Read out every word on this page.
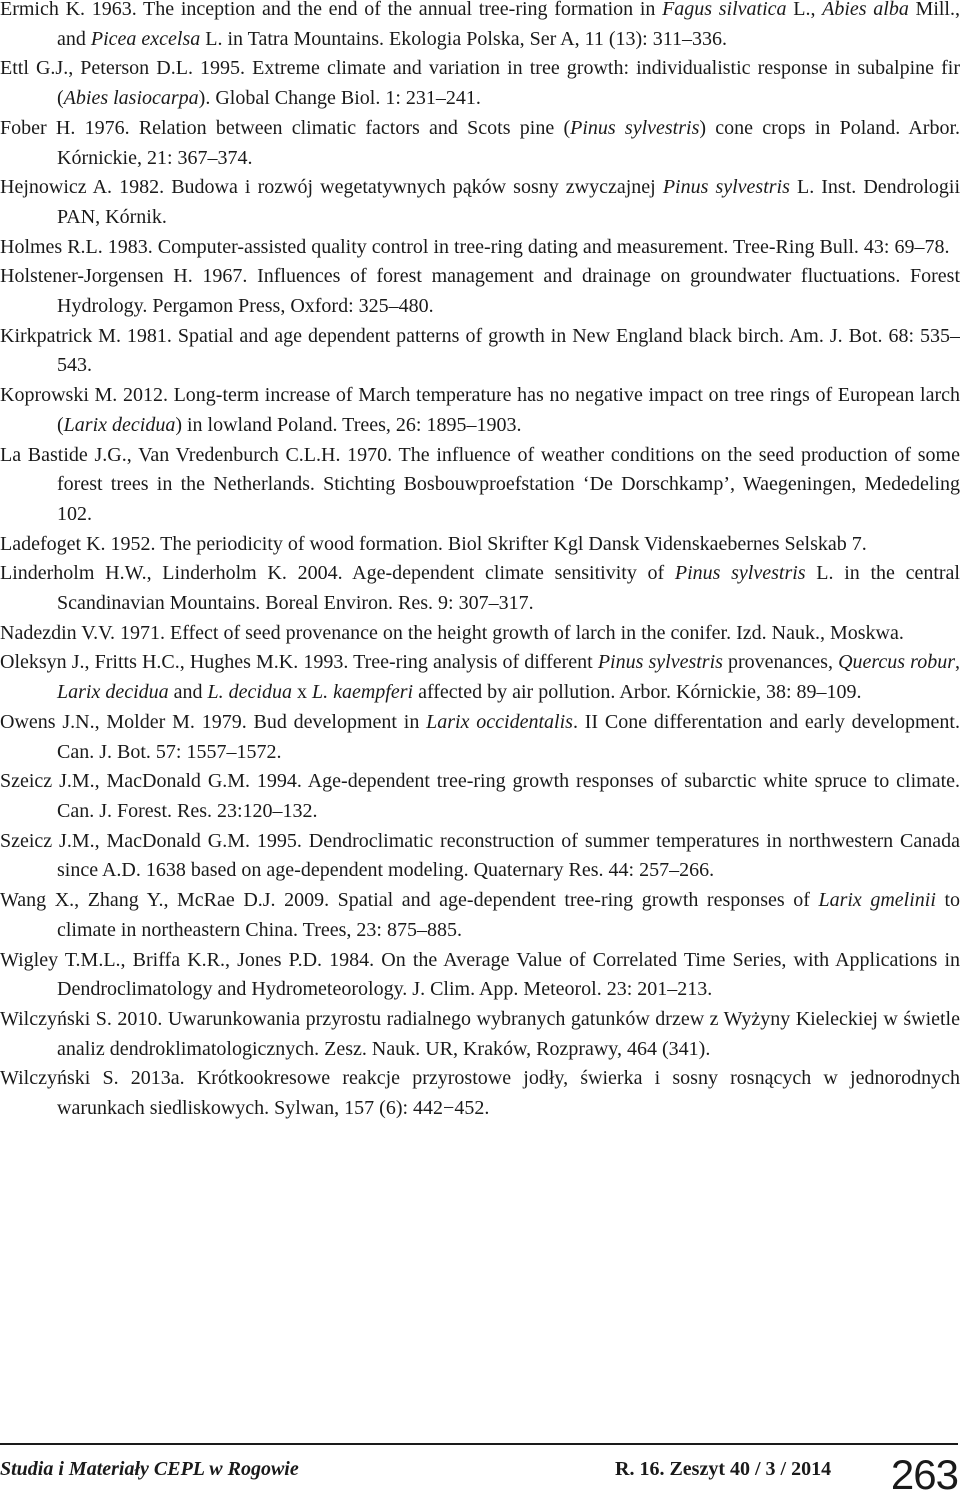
Ermich K. 1963. The inception and the end of the annual tree-ring formation in Fagus silvatica L., Abies alba Mill., and Picea excelsa L. in Tatra Mountains. Ekologia Polska, Ser A, 11 (13): 311–336.
Ettl G.J., Peterson D.L. 1995. Extreme climate and variation in tree growth: individualistic response in subalpine fir (Abies lasiocarpa). Global Change Biol. 1: 231–241.
Fober H. 1976. Relation between climatic factors and Scots pine (Pinus sylvestris) cone crops in Poland. Arbor. Kórnickie, 21: 367–374.
Hejnowicz A. 1982. Budowa i rozwój wegetatywnych pąków sosny zwyczajnej Pinus sylvestris L. Inst. Dendrologii PAN, Kórnik.
Holmes R.L. 1983. Computer-assisted quality control in tree-ring dating and measurement. Tree-Ring Bull. 43: 69–78.
Holstener-Jorgensen H. 1967. Influences of forest management and drainage on groundwater fluctuations. Forest Hydrology. Pergamon Press, Oxford: 325–480.
Kirkpatrick M. 1981. Spatial and age dependent patterns of growth in New England black birch. Am. J. Bot. 68: 535–543.
Koprowski M. 2012. Long-term increase of March temperature has no negative impact on tree rings of European larch (Larix decidua) in lowland Poland. Trees, 26: 1895–1903.
La Bastide J.G., Van Vredenburch C.L.H. 1970. The influence of weather conditions on the seed production of some forest trees in the Netherlands. Stichting Bosbouwproefstation ‘De Dorschkamp’, Waegeningen, Mededeling 102.
Ladefoget K. 1952. The periodicity of wood formation. Biol Skrifter Kgl Dansk Videnskaebernes Selskab 7.
Linderholm H.W., Linderholm K. 2004. Age-dependent climate sensitivity of Pinus sylvestris L. in the central Scandinavian Mountains. Boreal Environ. Res. 9: 307–317.
Nadezdin V.V. 1971. Effect of seed provenance on the height growth of larch in the conifer. Izd. Nauk., Moskwa.
Oleksyn J., Fritts H.C., Hughes M.K. 1993. Tree-ring analysis of different Pinus sylvestris provenances, Quercus robur, Larix decidua and L. decidua x L. kaempferi affected by air pollution. Arbor. Kórnickie, 38: 89–109.
Owens J.N., Molder M. 1979. Bud development in Larix occidentalis. II Cone differentation and early development. Can. J. Bot. 57: 1557–1572.
Szeicz J.M., MacDonald G.M. 1994. Age-dependent tree-ring growth responses of subarctic white spruce to climate. Can. J. Forest. Res. 23:120–132.
Szeicz J.M., MacDonald G.M. 1995. Dendroclimatic reconstruction of summer temperatures in northwestern Canada since A.D. 1638 based on age-dependent modeling. Quaternary Res. 44: 257–266.
Wang X., Zhang Y., McRae D.J. 2009. Spatial and age-dependent tree-ring growth responses of Larix gmelinii to climate in northeastern China. Trees, 23: 875–885.
Wigley T.M.L., Briffa K.R., Jones P.D. 1984. On the Average Value of Correlated Time Series, with Applications in Dendroclimatology and Hydrometeorology. J. Clim. App. Meteorol. 23: 201–213.
Wilczyński S. 2010. Uwarunkowania przyrostu radialnego wybranych gatunków drzew z Wyżyny Kieleckiej w świetle analiz dendroklimatologicznych. Zesz. Nauk. UR, Kraków, Rozprawy, 464 (341).
Wilczyński S. 2013a. Krótkookresowe reakcje przyrostowe jodły, świerka i sosny rosnących w jednorodnych warunkach siedliskowych. Sylwan, 157 (6): 442−452.
Studia i Materiały CEPL w Rogowie	R. 16. Zeszyt 40 / 3 / 2014 263
